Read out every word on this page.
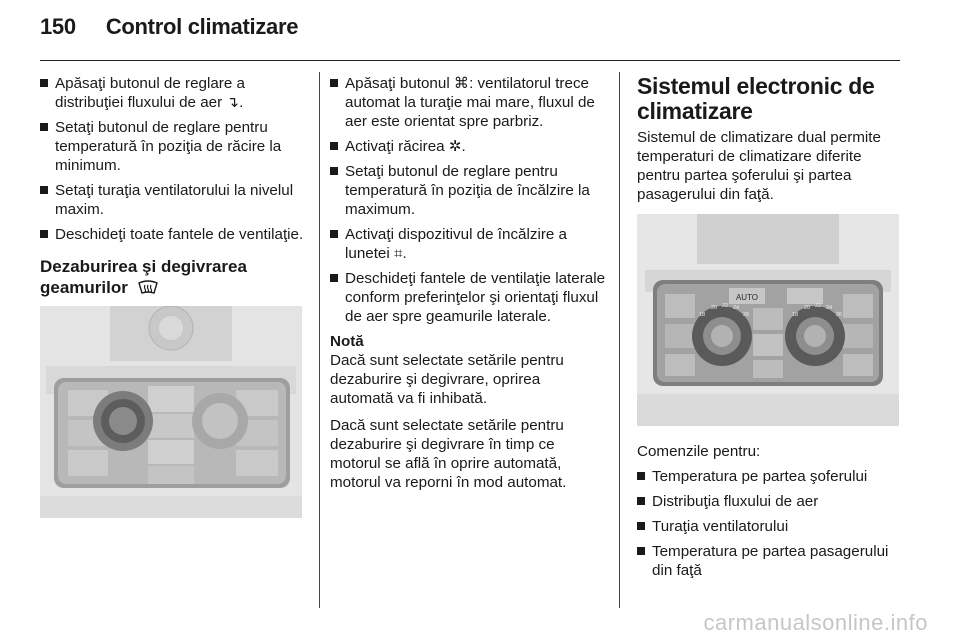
150 Control climatizare
Apăsaţi butonul de reglare a distribuţiei fluxului de aer ↴.
Setaţi butonul de reglare pentru temperatură în poziţia de răcire la minimum.
Setaţi turaţia ventilatorului la nivelul maxim.
Deschideţi toate fantele de ventilaţie.
Dezaburirea şi degivrarea geamurilor
Apăsaţi butonul ⌘: ventilatorul trece automat la turaţie mai mare, fluxul de aer este orientat spre parbriz.
Activaţi răcirea ✲.
Setaţi butonul de reglare pentru temperatură în poziţia de încălzire la maximum.
Activaţi dispozitivul de încălzire a lunetei ⌗.
Deschideţi fantele de ventilaţie laterale conform preferinţelor şi orientaţi fluxul de aer spre geamurile laterale.
Notă

Dacă sunt selectate setările pentru dezaburire şi degivrare, oprirea automată va fi inhibată.

Dacă sunt selectate setările pentru dezaburire şi degivrare în timp ce motorul se află în oprire automată, motorul va reporni în mod automat.

Sistemul electronic de climatizare

Sistemul de climatizare dual permite temperaturi de climatizare diferite pentru partea şoferului şi partea pasagerului din faţă.

AUTO
18
20 22 24
26	18
20 22 24
26

Comenzile pentru:

Temperatura pe partea şoferului
Distribuţia fluxului de aer
Turaţia ventilatorului
Temperatura pe partea pasagerului din faţă
carmanualsonline.info
